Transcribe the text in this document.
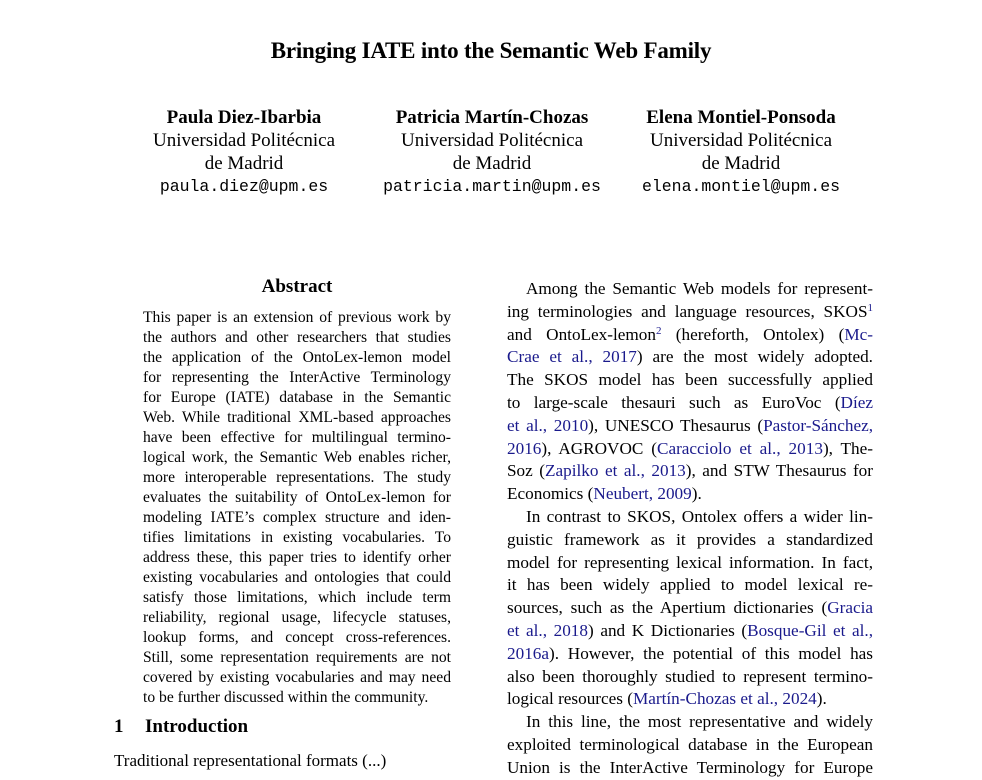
Bringing IATE into the Semantic Web Family
Paula Diez-Ibarbia
Universidad Politécnica
de Madrid
paula.diez@upm.es
Patricia Martín-Chozas
Universidad Politécnica
de Madrid
patricia.martin@upm.es
Elena Montiel-Ponsoda
Universidad Politécnica
de Madrid
elena.montiel@upm.es
Abstract
This paper is an extension of previous work by
the authors and other researchers that studies
the application of the OntoLex-lemon model
for representing the InterActive Terminology
for Europe (IATE) database in the Semantic
Web. While traditional XML-based approaches
have been effective for multilingual termino-
logical work, the Semantic Web enables richer,
more interoperable representations. The study
evaluates the suitability of OntoLex-lemon for
modeling IATE’s complex structure and iden-
tifies limitations in existing vocabularies. To
address these, this paper tries to identify orher
existing vocabularies and ontologies that could
satisfy those limitations, which include term
reliability, regional usage, lifecycle statuses,
lookup forms, and concept cross-references.
Still, some representation requirements are not
covered by existing vocabularies and may need
to be further discussed within the community.
1 Introduction
Traditional representational formats (...)
Among the Semantic Web models for represent-
ing terminologies and language resources, SKOS$^1$
and OntoLex-lemon$^2$ (hereforth, Ontolex) (Mc-
Crae et al., 2017) are the most widely adopted.
The SKOS model has been successfully applied
to large-scale thesauri such as EuroVoc (Díez
et al., 2010), UNESCO Thesaurus (Pastor-Sánchez,
2016), AGROVOC (Caracciolo et al., 2013), The-
Soz (Zapilko et al., 2013), and STW Thesaurus for
Economics (Neubert, 2009).
In contrast to SKOS, Ontolex offers a wider lin-
guistic framework as it provides a standardized
model for representing lexical information. In fact,
it has been widely applied to model lexical re-
sources, such as the Apertium dictionaries (Gracia
et al., 2018) and K Dictionaries (Bosque-Gil et al.,
2016a). However, the potential of this model has
also been thoroughly studied to represent termino-
logical resources (Martín-Chozas et al., 2024).
In this line, the most representative and widely
exploited terminological database in the European
Union is the InterActive Terminology for Europe
